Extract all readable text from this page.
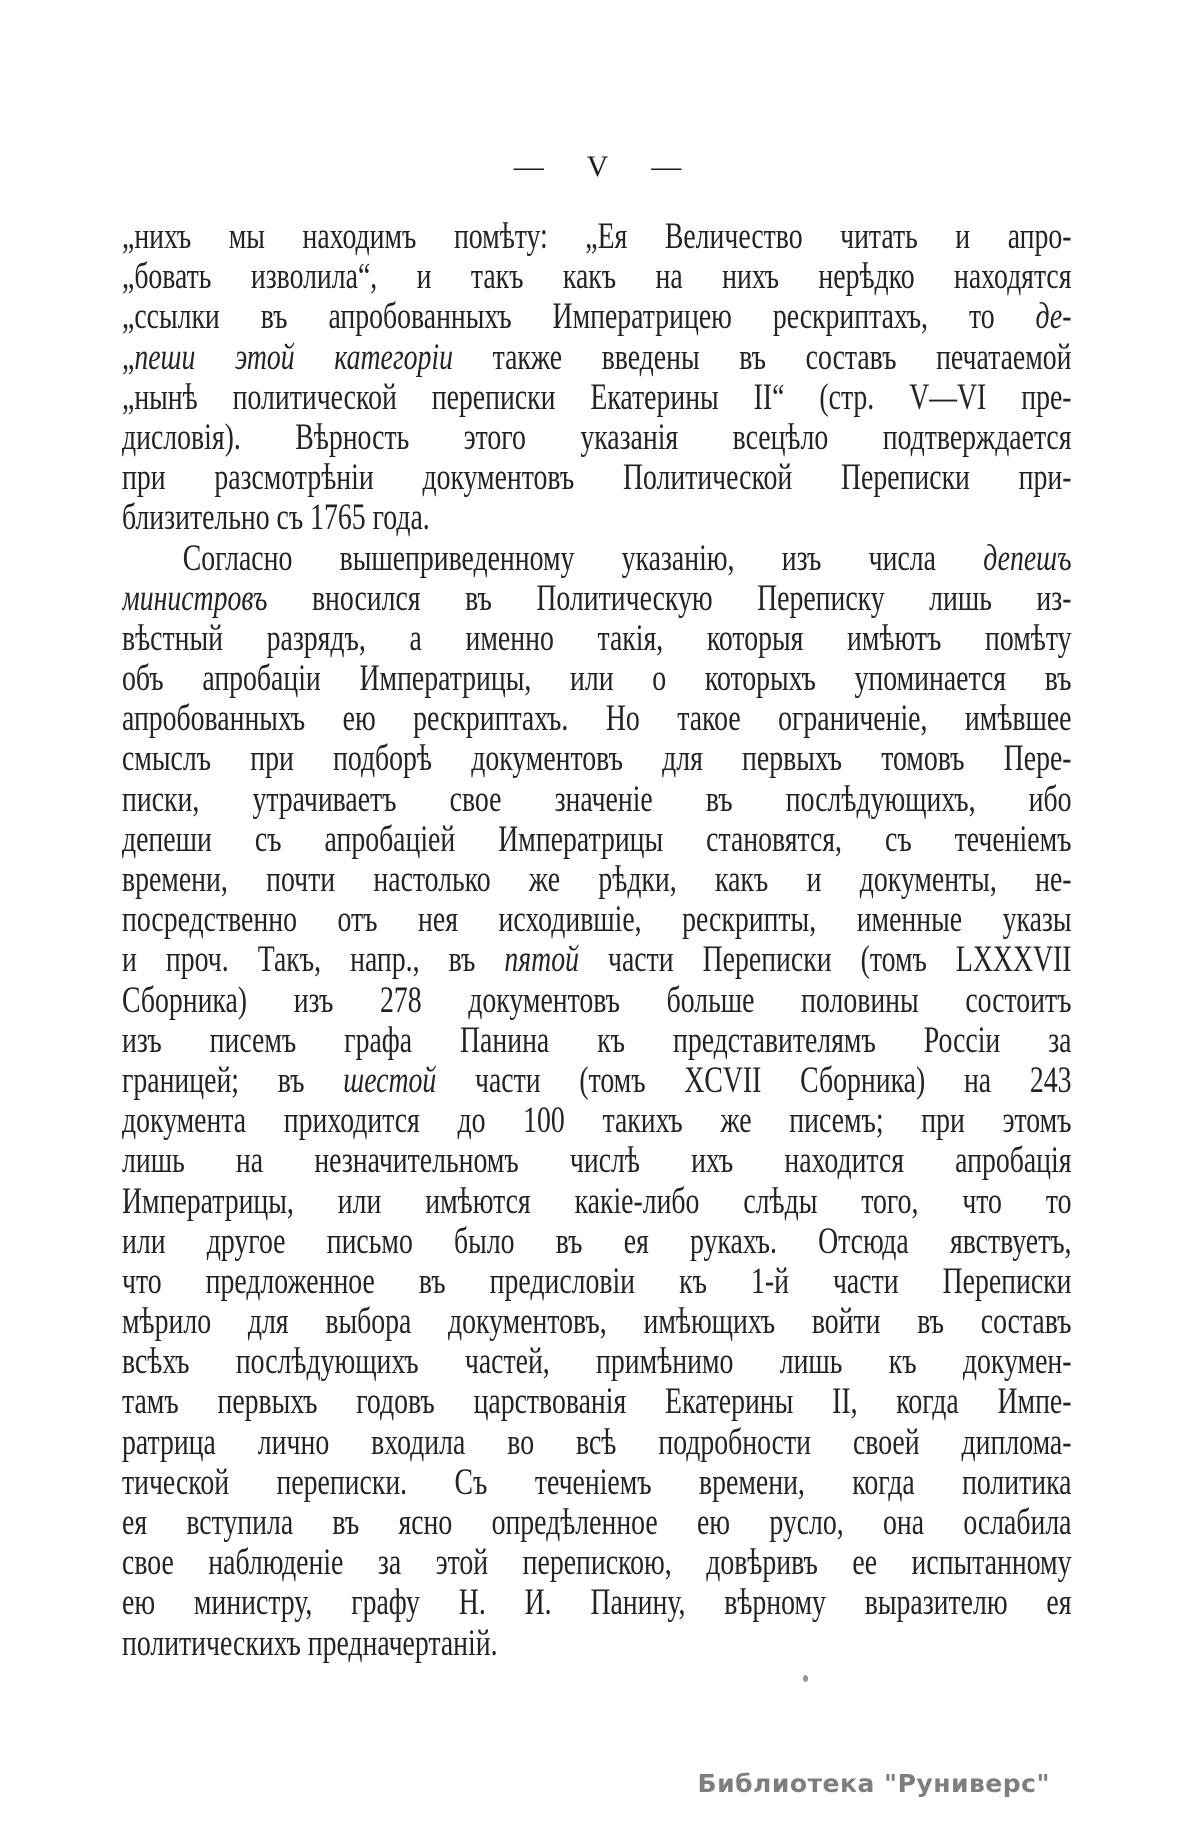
— V —
„нихъ мы находимъ помѣту: „Ея Величество читать и апро-
„бовать изволила“, и такъ какъ на нихъ нерѣдко находятся
„ссылки въ апробованныхъ Императрицею рескриптахъ, то де-
„пеши этой категоріи также введены въ составъ печатаемой
„нынѣ политической переписки Екатерины II“ (стр. V—VI пре-
дисловія). Вѣрность этого указанія всецѣло подтверждается
при разсмотрѣніи документовъ Политической Переписки при-
близительно съ 1765 года.
Согласно вышеприведенному указанію, изъ числа депешъ
министровъ вносился въ Политическую Переписку лишь из-
вѣстный разрядъ, а именно такія, которыя имѣютъ помѣту
объ апробаціи Императрицы, или о которыхъ упоминается въ
апробованныхъ ею рескриптахъ. Но такое ограниченіе, имѣвшее
смыслъ при подборѣ документовъ для первыхъ томовъ Пере-
писки, утрачиваетъ свое значеніе въ послѣдующихъ, ибо
депеши съ апробаціей Императрицы становятся, съ теченіемъ
времени, почти настолько же рѣдки, какъ и документы, не-
посредственно отъ нея исходившіе, рескрипты, именные указы
и проч. Такъ, напр., въ пятой части Переписки (томъ LXXXVII
Сборника) изъ 278 документовъ больше половины состоитъ
изъ писемъ графа Панина къ представителямъ Россіи за
границей; въ шестой части (томъ XCVII Сборника) на 243
документа приходится до 100 такихъ же писемъ; при этомъ
лишь на незначительномъ числѣ ихъ находится апробація
Императрицы, или имѣются какіе-либо слѣды того, что то
или другое письмо было въ ея рукахъ. Отсюда явствуетъ,
что предложенное въ предисловіи къ 1-й части Переписки
мѣрило для выбора документовъ, имѣющихъ войти въ составъ
всѣхъ послѣдующихъ частей, примѣнимо лишь къ докумен-
тамъ первыхъ годовъ царствованія Екатерины II, когда Импе-
ратрица лично входила во всѣ подробности своей диплома-
тической переписки. Съ теченіемъ времени, когда политика
ея вступила въ ясно опредѣленное ею русло, она ослабила
свое наблюденіе за этой перепискою, довѣривъ ее испытанному
ею министру, графу Н. И. Панину, вѣрному выразителю ея
политическихъ предначертаній.
Библиотека "Руниверс"
